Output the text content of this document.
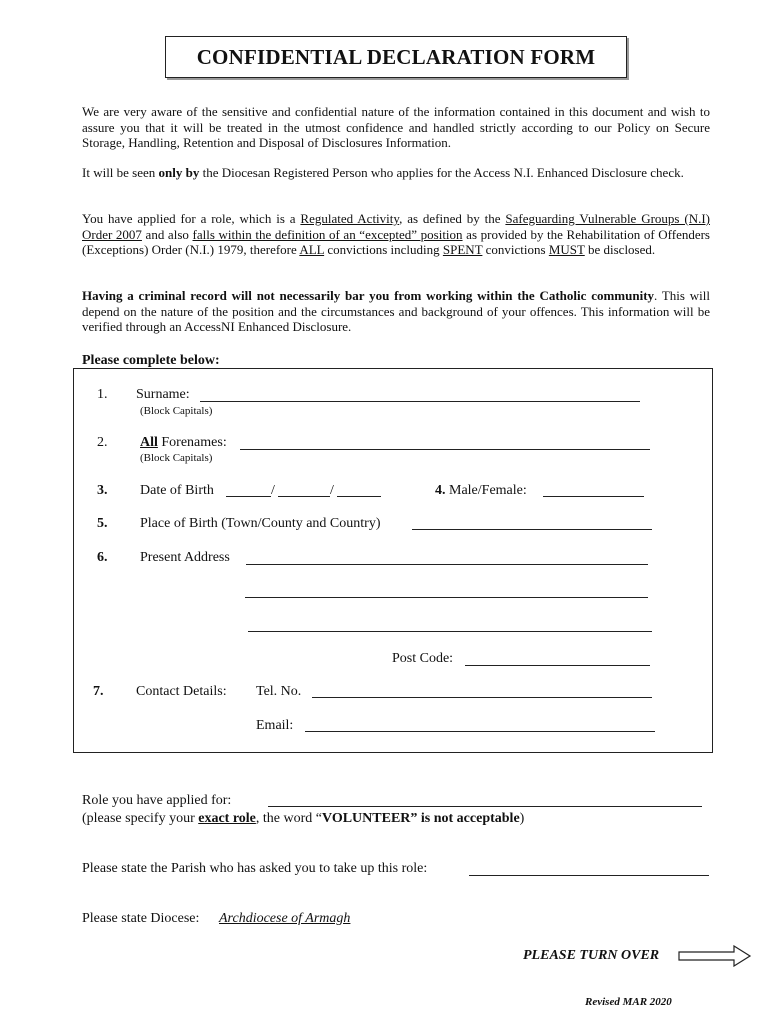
CONFIDENTIAL DECLARATION FORM
We are very aware of the sensitive and confidential nature of the information contained in this document and wish to assure you that it will be treated in the utmost confidence and handled strictly according to our Policy on Secure Storage, Handling, Retention and Disposal of Disclosures Information.
It will be seen only by the Diocesan Registered Person who applies for the Access N.I. Enhanced Disclosure check.
You have applied for a role, which is a Regulated Activity, as defined by the Safeguarding Vulnerable Groups (N.I) Order 2007 and also falls within the definition of an “excepted” position as provided by the Rehabilitation of Offenders (Exceptions) Order (N.I.) 1979, therefore ALL convictions including SPENT convictions MUST be disclosed.
Having a criminal record will not necessarily bar you from working within the Catholic community. This will depend on the nature of the position and the circumstances and background of your offences. This information will be verified through an AccessNI Enhanced Disclosure.
Please complete below:
1. Surname:
(Block Capitals)
2. All Forenames:
(Block Capitals)
3. Date of Birth	/	/	4. Male/Female:
5. Place of Birth (Town/County and Country)
6. Present Address
Post Code:
7. Contact Details: Tel. No.
Email:
Role you have applied for:
(please specify your exact role, the word “VOLUNTEER” is not acceptable)
Please state the Parish who has asked you to take up this role:
Please state Diocese: Archdiocese of Armagh
PLEASE TURN OVER
Revised MAR 2020
